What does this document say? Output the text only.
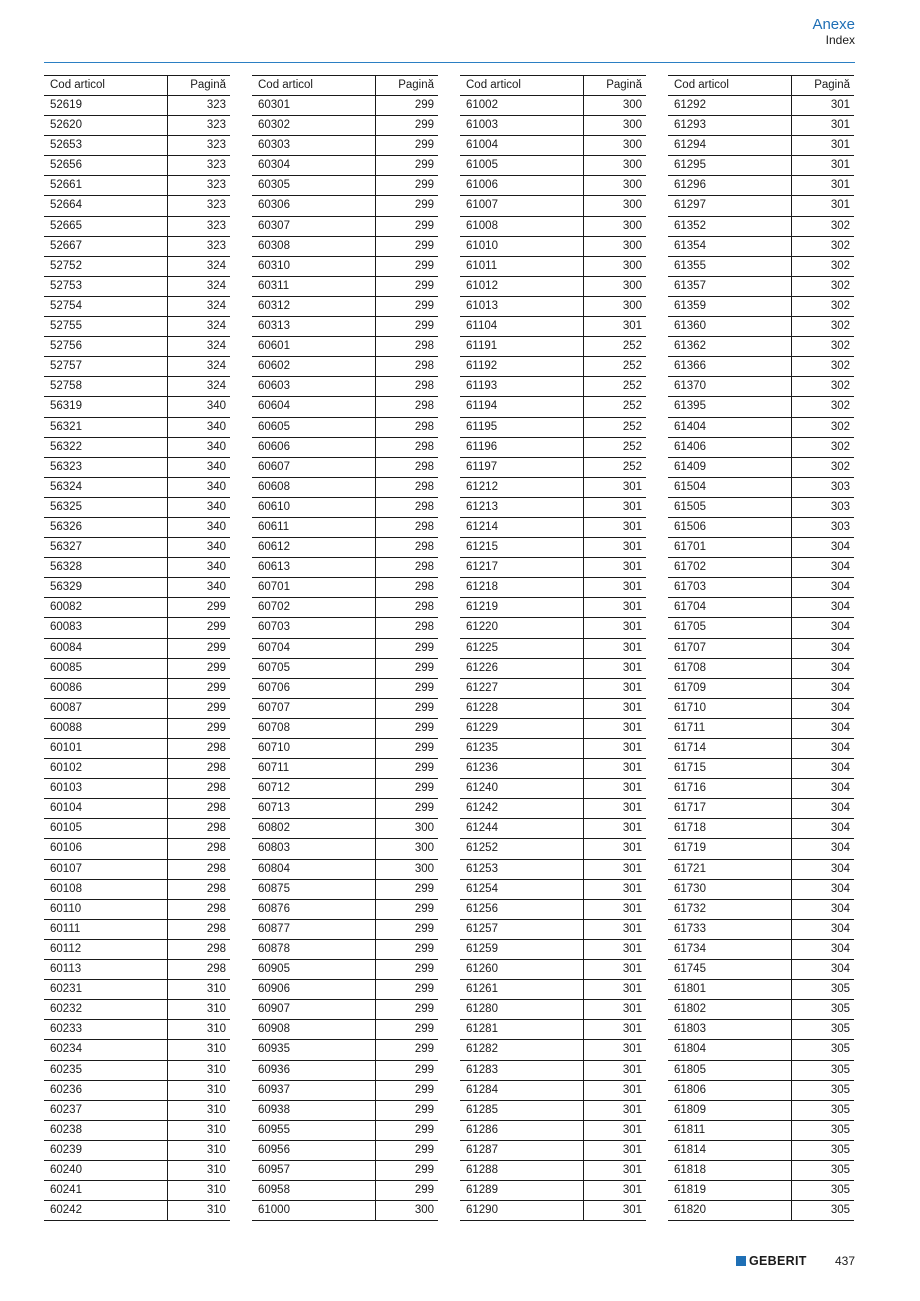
Anexe
Index
Cod articol	Pagină
52619	323
52620	323
52653	323
52656	323
52661	323
52664	323
52665	323
52667	323
52752	324
52753	324
52754	324
52755	324
52756	324
52757	324
52758	324
56319	340
56321	340
56322	340
56323	340
56324	340
56325	340
56326	340
56327	340
56328	340
56329	340
60082	299
60083	299
60084	299
60085	299
60086	299
60087	299
60088	299
60101	298
60102	298
60103	298
60104	298
60105	298
60106	298
60107	298
60108	298
60110	298
60111	298
60112	298
60113	298
60231	310
60232	310
60233	310
60234	310
60235	310
60236	310
60237	310
60238	310
60239	310
60240	310
60241	310
60242	310
Cod articol	Pagină
60301	299
60302	299
60303	299
60304	299
60305	299
60306	299
60307	299
60308	299
60310	299
60311	299
60312	299
60313	299
60601	298
60602	298
60603	298
60604	298
60605	298
60606	298
60607	298
60608	298
60610	298
60611	298
60612	298
60613	298
60701	298
60702	298
60703	298
60704	299
60705	299
60706	299
60707	299
60708	299
60710	299
60711	299
60712	299
60713	299
60802	300
60803	300
60804	300
60875	299
60876	299
60877	299
60878	299
60905	299
60906	299
60907	299
60908	299
60935	299
60936	299
60937	299
60938	299
60955	299
60956	299
60957	299
60958	299
61000	300
Cod articol	Pagină
61002	300
61003	300
61004	300
61005	300
61006	300
61007	300
61008	300
61010	300
61011	300
61012	300
61013	300
61104	301
61191	252
61192	252
61193	252
61194	252
61195	252
61196	252
61197	252
61212	301
61213	301
61214	301
61215	301
61217	301
61218	301
61219	301
61220	301
61225	301
61226	301
61227	301
61228	301
61229	301
61235	301
61236	301
61240	301
61242	301
61244	301
61252	301
61253	301
61254	301
61256	301
61257	301
61259	301
61260	301
61261	301
61280	301
61281	301
61282	301
61283	301
61284	301
61285	301
61286	301
61287	301
61288	301
61289	301
61290	301
Cod articol	Pagină
61292	301
61293	301
61294	301
61295	301
61296	301
61297	301
61352	302
61354	302
61355	302
61357	302
61359	302
61360	302
61362	302
61366	302
61370	302
61395	302
61404	302
61406	302
61409	302
61504	303
61505	303
61506	303
61701	304
61702	304
61703	304
61704	304
61705	304
61707	304
61708	304
61709	304
61710	304
61711	304
61714	304
61715	304
61716	304
61717	304
61718	304
61719	304
61721	304
61730	304
61732	304
61733	304
61734	304
61745	304
61801	305
61802	305
61803	305
61804	305
61805	305
61806	305
61809	305
61811	305
61814	305
61818	305
61819	305
61820	305
GEBERIT 437
